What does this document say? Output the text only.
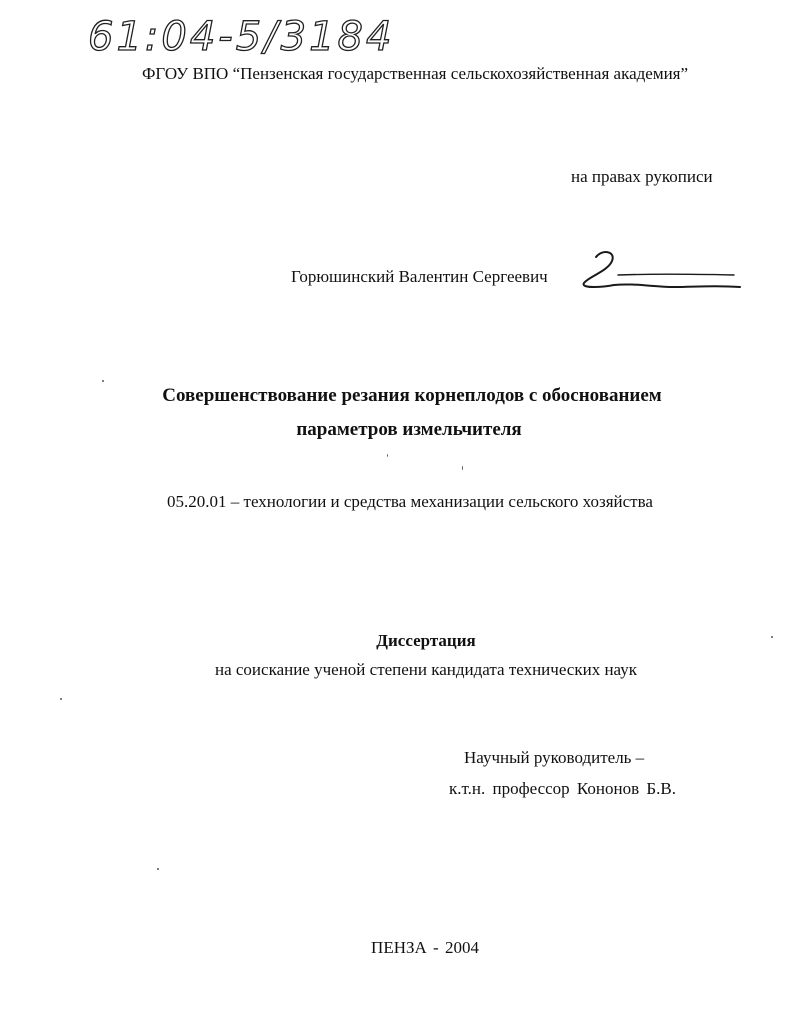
61:04-5/3184
ФГОУ ВПО “Пензенская государственная сельскохозяйственная академия”
на правах рукописи
Горюшинский Валентин Сергеевич
Совершенствование резания корнеплодов с обоснованием
параметров измельчителя
05.20.01 – технологии и средства механизации сельского хозяйства
Диссертация
на соискание ученой степени кандидата технических наук
Научный руководитель –
к.т.н. профессор Кононов Б.В.
ПЕНЗА - 2004
